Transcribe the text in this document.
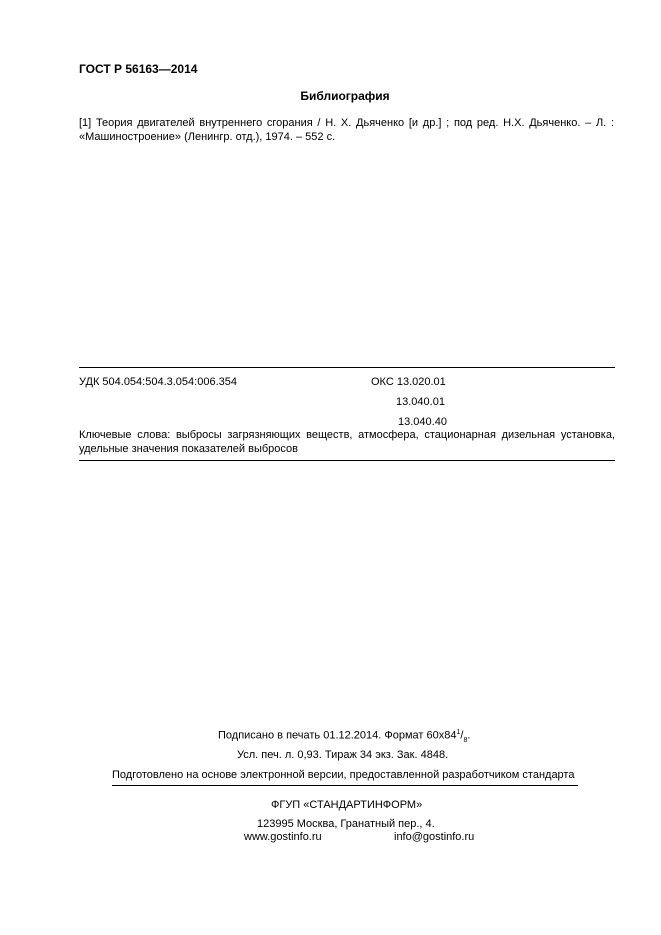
ГОСТ Р 56163—2014
Библиография
[1] Теория двигателей внутреннего сгорания / Н. Х. Дьяченко [и др.] ; под ред. Н.Х. Дьяченко. – Л. : «Машиностроение» (Ленингр. отд.), 1974. – 552 с.
УДК 504.054:504.3.054:006.354	ОКС 13.020.01
13.040.01
13.040.40
Ключевые слова: выбросы загрязняющих веществ, атмосфера, стационарная дизельная установка, удельные значения показателей выбросов
Подписано в печать 01.12.2014. Формат $60х84^1/_8$.
Усл. печ. л. 0,93. Тираж 34 экз. Зак. 4848.
Подготовлено на основе электронной версии, предоставленной разработчиком стандарта
ФГУП «СТАНДАРТИНФОРМ»
123995 Москва, Гранатный пер., 4.
www.gostinfo.ru	info@gostinfo.ru
